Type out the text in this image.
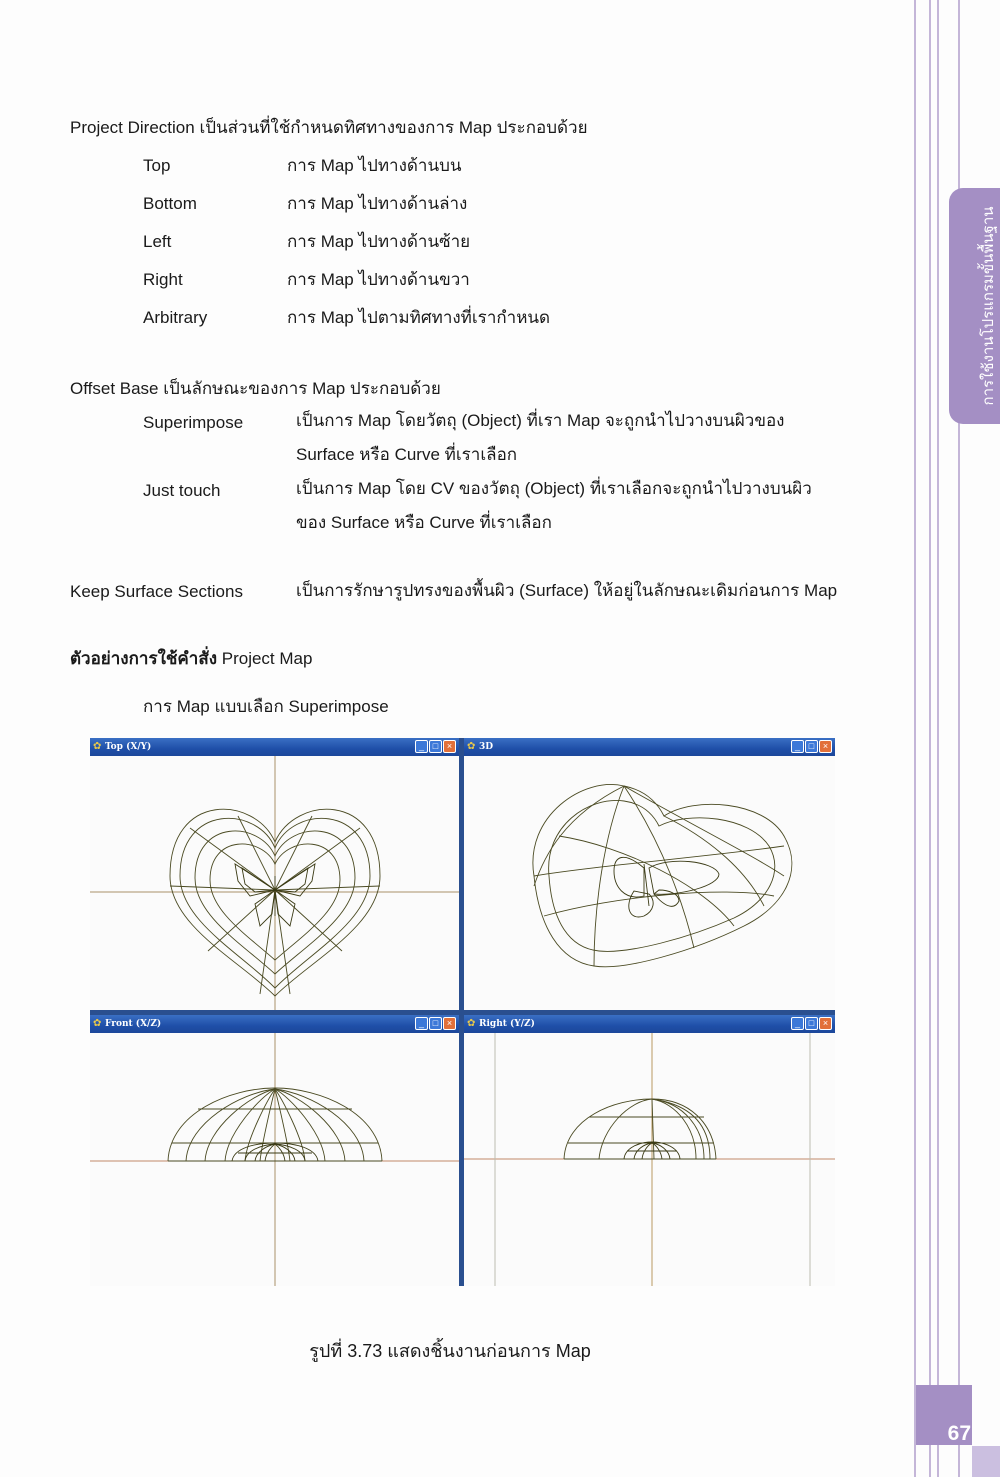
การใช้งานโปรแกรมขั้นพื้นฐาน
Project Direction เป็นส่วนที่ใช้กำหนดทิศทางของการ Map ประกอบด้วย
Top	การ Map ไปทางด้านบน
Bottom	การ Map ไปทางด้านล่าง
Left	การ Map ไปทางด้านซ้าย
Right	การ Map ไปทางด้านขวา
Arbitrary	การ Map ไปตามทิศทางที่เรากำหนด
Offset Base เป็นลักษณะของการ Map ประกอบด้วย
Superimpose	เป็นการ Map โดยวัตถุ (Object) ที่เรา Map จะถูกนำไปวางบนผิวของ
Surface หรือ Curve ที่เราเลือก
Just touch	เป็นการ Map โดย CV ของวัตถุ (Object) ที่เราเลือกจะถูกนำไปวางบนผิว
ของ Surface หรือ Curve ที่เราเลือก
Keep Surface Sections	เป็นการรักษารูปทรงของพื้นผิว (Surface) ให้อยู่ในลักษณะเดิมก่อนการ Map
ตัวอย่างการใช้คำสั่ง Project Map
การ Map แบบเลือก Superimpose
✿ Top (X/Y)	_ □ ×	✿ 3D	_ □ ×
✿ Front (X/Z)	_ □ ×	✿ Right (Y/Z)	_ □ ×
รูปที่ 3.73 แสดงชิ้นงานก่อนการ Map
67
